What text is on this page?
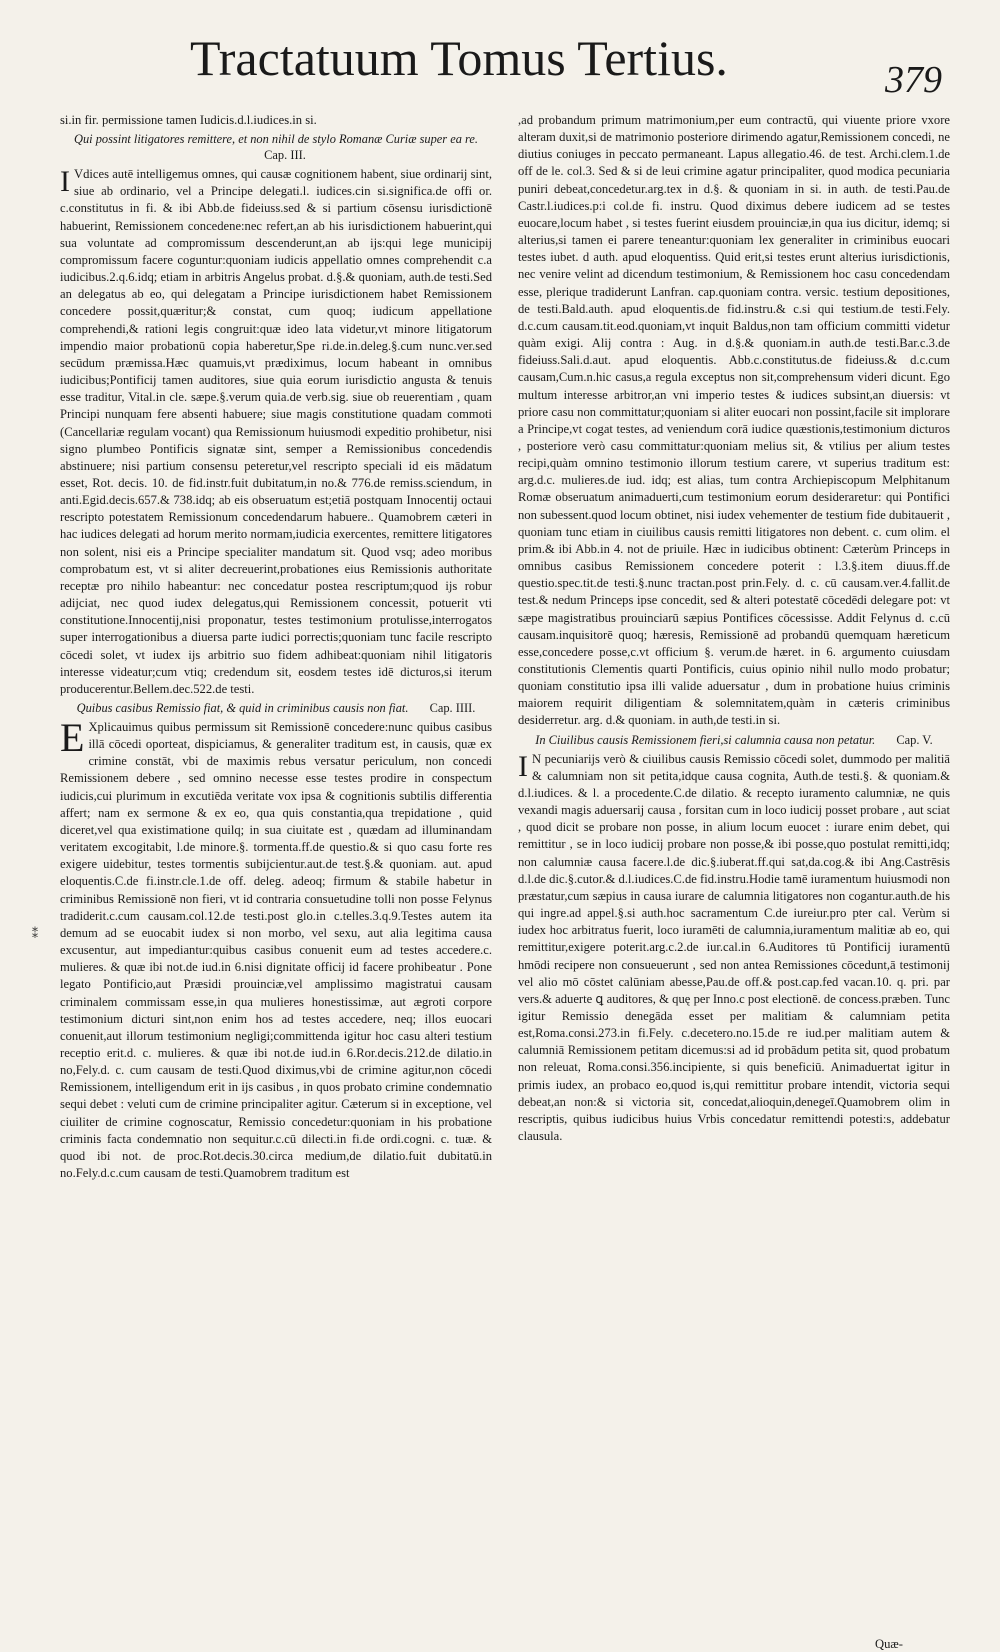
Tractatuum Tomus Tertius.	379
⁑

si.in fir. permissione tamen Iudicis.d.l.iudices.in si.

Qui possint litigatores remittere, et non nihil de stylo Romanæ Curiæ super ea re. Cap. III.

I Vdices autē intelligemus omnes, qui causæ cognitionem habent, siue ordinarij sint, siue ab ordinario, vel a Principe delegati.l. iudices.cin si.significa.de offi or. c.constitutus in fi. & ibi Abb.de fideiuss.sed & si partium cōsensu iurisdictionē habuerint, Remissionem concedene:nec refert,an ab his iurisdictionem habuerint,qui sua voluntate ad compromissum descenderunt,an ab ijs:qui lege municipij compromissum facere coguntur:quoniam iudicis appellatio omnes comprehendit c.a iudicibus.2.q.6.idq; etiam in arbitris Angelus probat. d.§.& quoniam, auth.de testi.Sed an delegatus ab eo, qui delegatam a Principe iurisdictionem habet Remissionem concedere possit,quæritur;& constat, cum quoq; iudicum appellatione comprehendi,& rationi legis congruit:quæ ideo lata videtur,vt minore litigatorum impendio maior probationū copia haberetur,Spe ri.de.in.deleg.§.cum nunc.ver.sed secūdum præmissa.Hæc quamuis,vt prædiximus, locum habeant in omnibus iudicibus;Pontificij tamen auditores, siue quia eorum iurisdictio angusta & tenuis esse traditur, Vital.in cle. sæpe.§.verum quia.de verb.sig. siue ob reuerentiam , quam Principi nunquam fere absenti habuere; siue magis constitutione quadam commoti (Cancellariæ regulam vocant) qua Remissionum huiusmodi expeditio prohibetur, nisi signo plumbeo Pontificis signatæ sint, semper a Remissionibus concedendis abstinuere; nisi partium consensu peteretur,vel rescripto speciali id eis mādatum esset, Rot. decis. 10. de fid.instr.fuit dubitatum,in no.& 776.de remiss.sciendum, in anti.Egid.decis.657.& 738.idq; ab eis obseruatum est;etiā postquam Innocentij octaui rescripto potestatem Remissionum concedendarum habuere.. Quamobrem cæteri in hac iudices delegati ad horum merito normam,iudicia exercentes, remittere litigatores non solent, nisi eis a Principe specialiter mandatum sit. Quod vsq; adeo moribus comprobatum est, vt si aliter decreuerint,probationes eius Remissionis authoritate receptæ pro nihilo habeantur: nec concedatur postea rescriptum;quod ijs robur adijciat, nec quod iudex delegatus,qui Remissionem concessit, potuerit vti constitutione.Innocentij,nisi proponatur, testes testimonium protulisse,interrogatos super interrogationibus a diuersa parte iudici porrectis;quoniam tunc facile rescripto cōcedi solet, vt iudex ijs arbitrio suo fidem adhibeat:quoniam nihil litigatoris interesse videatur;cum vtiq; credendum sit, eosdem testes idē dicturos,si iterum producerentur.Bellem.dec.522.de testi.

Quibus casibus Remissio fiat, & quid in criminibus causis non fiat. Cap. IIII.

E Xplicauimus quibus permissum sit Remissionē concedere:nunc quibus casibus illā cōcedi oporteat, dispiciamus, & generaliter traditum est, in causis, quæ ex crimine constāt, vbi de maximis rebus versatur periculum, non concedi Remissionem debere , sed omnino necesse esse testes prodire in conspectum iudicis,cui plurimum in excutiēda veritate vox ipsa & cognitionis subtilis differentia affert; nam ex sermone & ex eo, qua quis constantia,qua trepidatione , quid diceret,vel qua existimatione quilq; in sua ciuitate est , quædam ad illuminandam veritatem excogitabit, l.de minore.§. tormenta.ff.de questio.& si quo casu forte res exigere uidebitur, testes tormentis subijcientur.aut.de test.§.& quoniam. aut. apud eloquentis.C.de fi.instr.cle.1.de off. deleg. adeoq; firmum & stabile habetur in criminibus Remissionē non fieri, vt id contraria consuetudine tolli non posse Felynus tradiderit.c.cum causam.col.12.de testi.post glo.in c.telles.3.q.9.Testes autem ita demum ad se euocabit iudex si non morbo, vel sexu, aut alia legitima causa excusentur, aut impediantur:quibus casibus conuenit eum ad testes accedere.c. mulieres. & quæ ibi not.de iud.in 6.nisi dignitate officij id facere prohibeatur . Pone legato Pontificio,aut Præsidi prouinciæ,vel amplissimo magistratui causam criminalem commissam esse,in qua mulieres honestissimæ, aut ægroti corpore testimonium dicturi sint,non enim hos ad testes accedere, neq; illos euocari conuenit,aut illorum testimonium negligi;committenda igitur hoc casu alteri testium receptio erit.d. c. mulieres. & quæ ibi not.de iud.in 6.Ror.decis.212.de dilatio.in no,Fely.d. c. cum causam de testi.Quod diximus,vbi de crimine agitur,non cōcedi Remissionem, intelligendum erit in ijs casibus , in quos probato crimine condemnatio sequi debet : veluti cum de crimine principaliter agitur. Cæterum si in exceptione, vel ciuiliter de crimine cognoscatur, Remissio concedetur:quoniam in his probatione criminis facta condemnatio non sequitur.c.cū dilecti.in fi.de ordi.cogni. c. tuæ. & quod ibi not. de proc.Rot.decis.30.circa medium,de dilatio.fuit dubitatū.in no.Fely.d.c.cum causam de testi.Quamobrem traditum est

,ad probandum primum matrimonium,per eum contractū, qui viuente priore vxore alteram duxit,si de matrimonio posteriore dirimendo agatur,Remissionem concedi, ne diutius coniuges in peccato permaneant. Lapus allegatio.46. de test. Archi.clem.1.de off de le. col.3. Sed & si de leui crimine agatur principaliter, quod modica pecuniaria puniri debeat,concedetur.arg.tex in d.§. & quoniam in si. in auth. de testi.Pau.de Castr.l.iudices.p:i col.de fi. instru. Quod diximus debere iudicem ad se testes euocare,locum habet , si testes fuerint eiusdem prouinciæ,in qua ius dicitur, idemq; si alterius,si tamen ei parere teneantur:quoniam lex generaliter in criminibus euocari testes iubet. d auth. apud eloquentiss. Quid erit,si testes erunt alterius iurisdictionis, nec venire velint ad dicendum testimonium, & Remissionem hoc casu concedendam esse, plerique tradiderunt Lanfran. cap.quoniam contra. versic. testium depositiones, de testi.Bald.auth. apud eloquentis.de fid.instru.& c.si qui testium.de testi.Fely. d.c.cum causam.tit.eod.quoniam,vt inquit Baldus,non tam officium committi videtur quàm exigi. Alij contra : Aug. in d.§.& quoniam.in auth.de testi.Bar.c.3.de fideiuss.Sali.d.aut. apud eloquentis. Abb.c.constitutus.de fideiuss.& d.c.cum causam,Cum.n.hic casus,a regula exceptus non sit,comprehensum videri dicunt. Ego multum interesse arbitror,an vni imperio testes & iudices subsint,an diuersis: vt priore casu non committatur;quoniam si aliter euocari non possint,facile sit implorare a Principe,vt cogat testes, ad veniendum corā iudice quæstionis,testimonium dicturos , posteriore verò casu committatur:quoniam melius sit, & vtilius per alium testes recipi,quàm omnino testimonio illorum testium carere, vt superius traditum est: arg.d.c. mulieres.de iud. idq; est alias, tum contra Archiepiscopum Melphitanum Romæ obseruatum animaduerti,cum testimonium eorum desideraretur: qui Pontifici non subessent.quod locum obtinet, nisi iudex vehementer de testium fide dubitauerit , quoniam tunc etiam in ciuilibus causis remitti litigatores non debent. c. cum olim. el prim.& ibi Abb.in 4. not de priuile. Hæc in iudicibus obtinent: Cæterùm Princeps in omnibus casibus Remissionem concedere poterit : l.3.§.item diuus.ff.de questio.spec.tit.de testi.§.nunc tractan.post prin.Fely. d. c. cū causam.ver.4.fallit.de test.& nedum Princeps ipse concedit, sed & alteri potestatē cōcedēdi delegare pot: vt sæpe magistratibus prouinciarū sæpius Pontifices cōcessisse. Addit Felynus d. c.cū causam.inquisitorē quoq; hæresis, Remissionē ad probandū quemquam hæreticum esse,concedere posse,c.vt officium §. verum.de hæret. in 6. argumento cuiusdam constitutionis Clementis quarti Pontificis, cuius opinio nihil nullo modo probatur; quoniam constitutio ipsa illi valide aduersatur , dum in probatione huius criminis maiorem requirit diligentiam & solemnitatem,quàm in cæteris criminibus desiderretur. arg. d.& quoniam. in auth,de testi.in si.

In Ciuilibus causis Remissionem fieri,si calumnia causa non petatur. Cap. V.

I N pecuniarijs verò & ciuilibus causis Remissio cōcedi solet, dummodo per malitiā & calumniam non sit petita,idque causa cognita, Auth.de testi.§. & quoniam.& d.l.iudices. & l. a procedente.C.de dilatio. & recepto iuramento calumniæ, ne quis vexandi magis aduersarij causa , forsitan cum in loco iudicij posset probare , aut sciat , quod dicit se probare non posse, in alium locum euocet : iurare enim debet, qui remittitur , se in loco iudicij probare non posse,& ibi posse,quo postulat remitti,idq; non calumniæ causa facere.l.de dic.§.iuberat.ff.qui sat,da.cog.& ibi Ang.Castrēsis d.l.de dic.§.cutor.& d.l.iudices.C.de fid.instru.Hodie tamē iuramentum huiusmodi non præstatur,cum sæpius in causa iurare de calumnia litigatores non cogantur.auth.de his qui ingre.ad appel.§.si auth.hoc sacramentum C.de iureiur.pro pter cal. Verùm si iudex hoc arbitratus fuerit, loco iuramēti de calumnia,iuramentum malitiæ ab eo, qui remittitur,exigere poterit.arg.c.2.de iur.cal.in 6.Auditores tū Pontificij iuramentū hmōdi recipere non consueuerunt , sed non antea Remissiones cōcedunt,ā testimonij vel alio mō cōstet calūniam abesse,Pau.de off.& post.cap.fed vacan.10. q. pri. par vers.& aduerte ꝗ auditores, & quę per Inno.c post electionē. de concess.præben. Tunc igitur Remissio denegāda esset per malitiam & calumniam petita est,Roma.consi.273.in fi.Fely. c.decetero.no.15.de re iud.per malitiam autem & calumniā Remissionem petitam dicemus:si ad id probādum petita sit, quod probatum non releuat, Roma.consi.356.incipiente, si quis beneficiū. Animaduertat igitur in primis iudex, an probaco eo,quod is,qui remittitur probare intendit, victoria sequi debeat,an non:& si victoria sit, concedat,alioquin,denegeī.Quamobrem olim in rescriptis, quibus iudicibus huius Vrbis concedatur remittendi potesti:s, addebatur clausula.

Quæ-
